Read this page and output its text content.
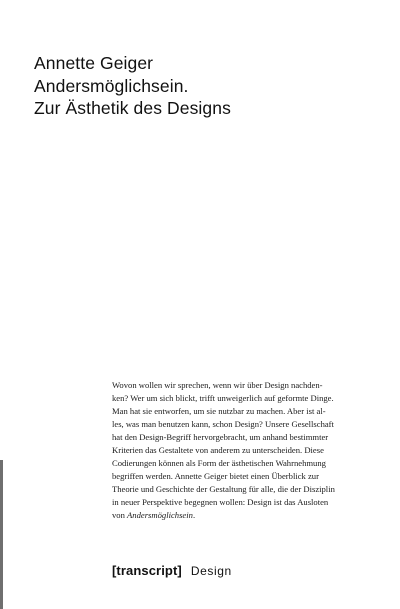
Annette Geiger
Andersmöglichsein.
Zur Ästhetik des Designs
Wovon wollen wir sprechen, wenn wir über Design nachden-
ken? Wer um sich blickt, trifft unweigerlich auf geformte Dinge.
Man hat sie entworfen, um sie nutzbar zu machen. Aber ist al-
les, was man benutzen kann, schon Design? Unsere Gesellschaft
hat den Design-Begriff hervorgebracht, um anhand bestimmter
Kriterien das Gestaltete von anderem zu unterscheiden. Diese
Codierungen können als Form der ästhetischen Wahrnehmung
begriffen werden. Annette Geiger bietet einen Überblick zur
Theorie und Geschichte der Gestaltung für alle, die der Disziplin
in neuer Perspektive begegnen wollen: Design ist das Ausloten
von Andersmöglichsein.
[transcript] Design
